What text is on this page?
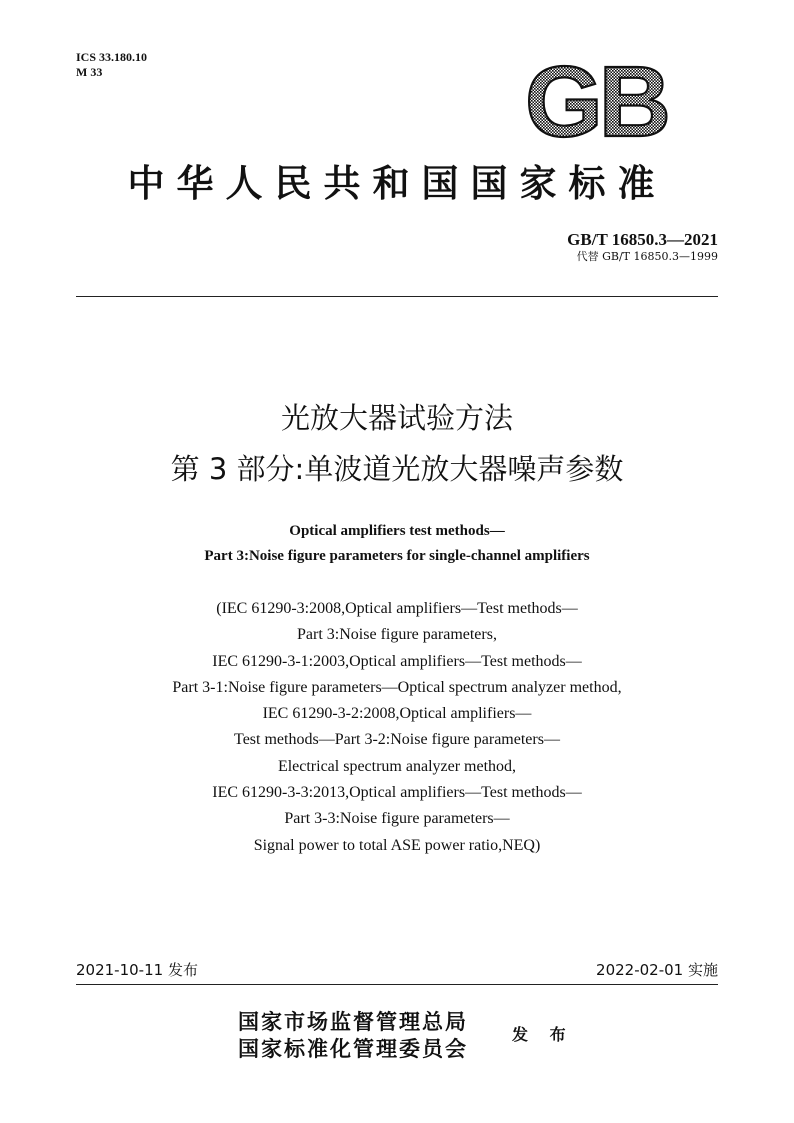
ICS 33.180.10
M 33	GB
中华人民共和国国家标准
GB/T 16850.3—2021
代替 GB/T 16850.3—1999
光放大器试验方法
第 3 部分:单波道光放大器噪声参数
Optical amplifiers test methods—
Part 3:Noise figure parameters for single-channel amplifiers
(IEC 61290-3:2008,Optical amplifiers—Test methods—
Part 3:Noise figure parameters,
IEC 61290-3-1:2003,Optical amplifiers—Test methods—
Part 3-1:Noise figure parameters—Optical spectrum analyzer method,
IEC 61290-3-2:2008,Optical amplifiers—
Test methods—Part 3-2:Noise figure parameters—
Electrical spectrum analyzer method,
IEC 61290-3-3:2013,Optical amplifiers—Test methods—
Part 3-3:Noise figure parameters—
Signal power to total ASE power ratio,NEQ)
2021-10-11 发布	2022-02-01 实施
国家市场监督管理总局
国家标准化管理委员会
发 布
